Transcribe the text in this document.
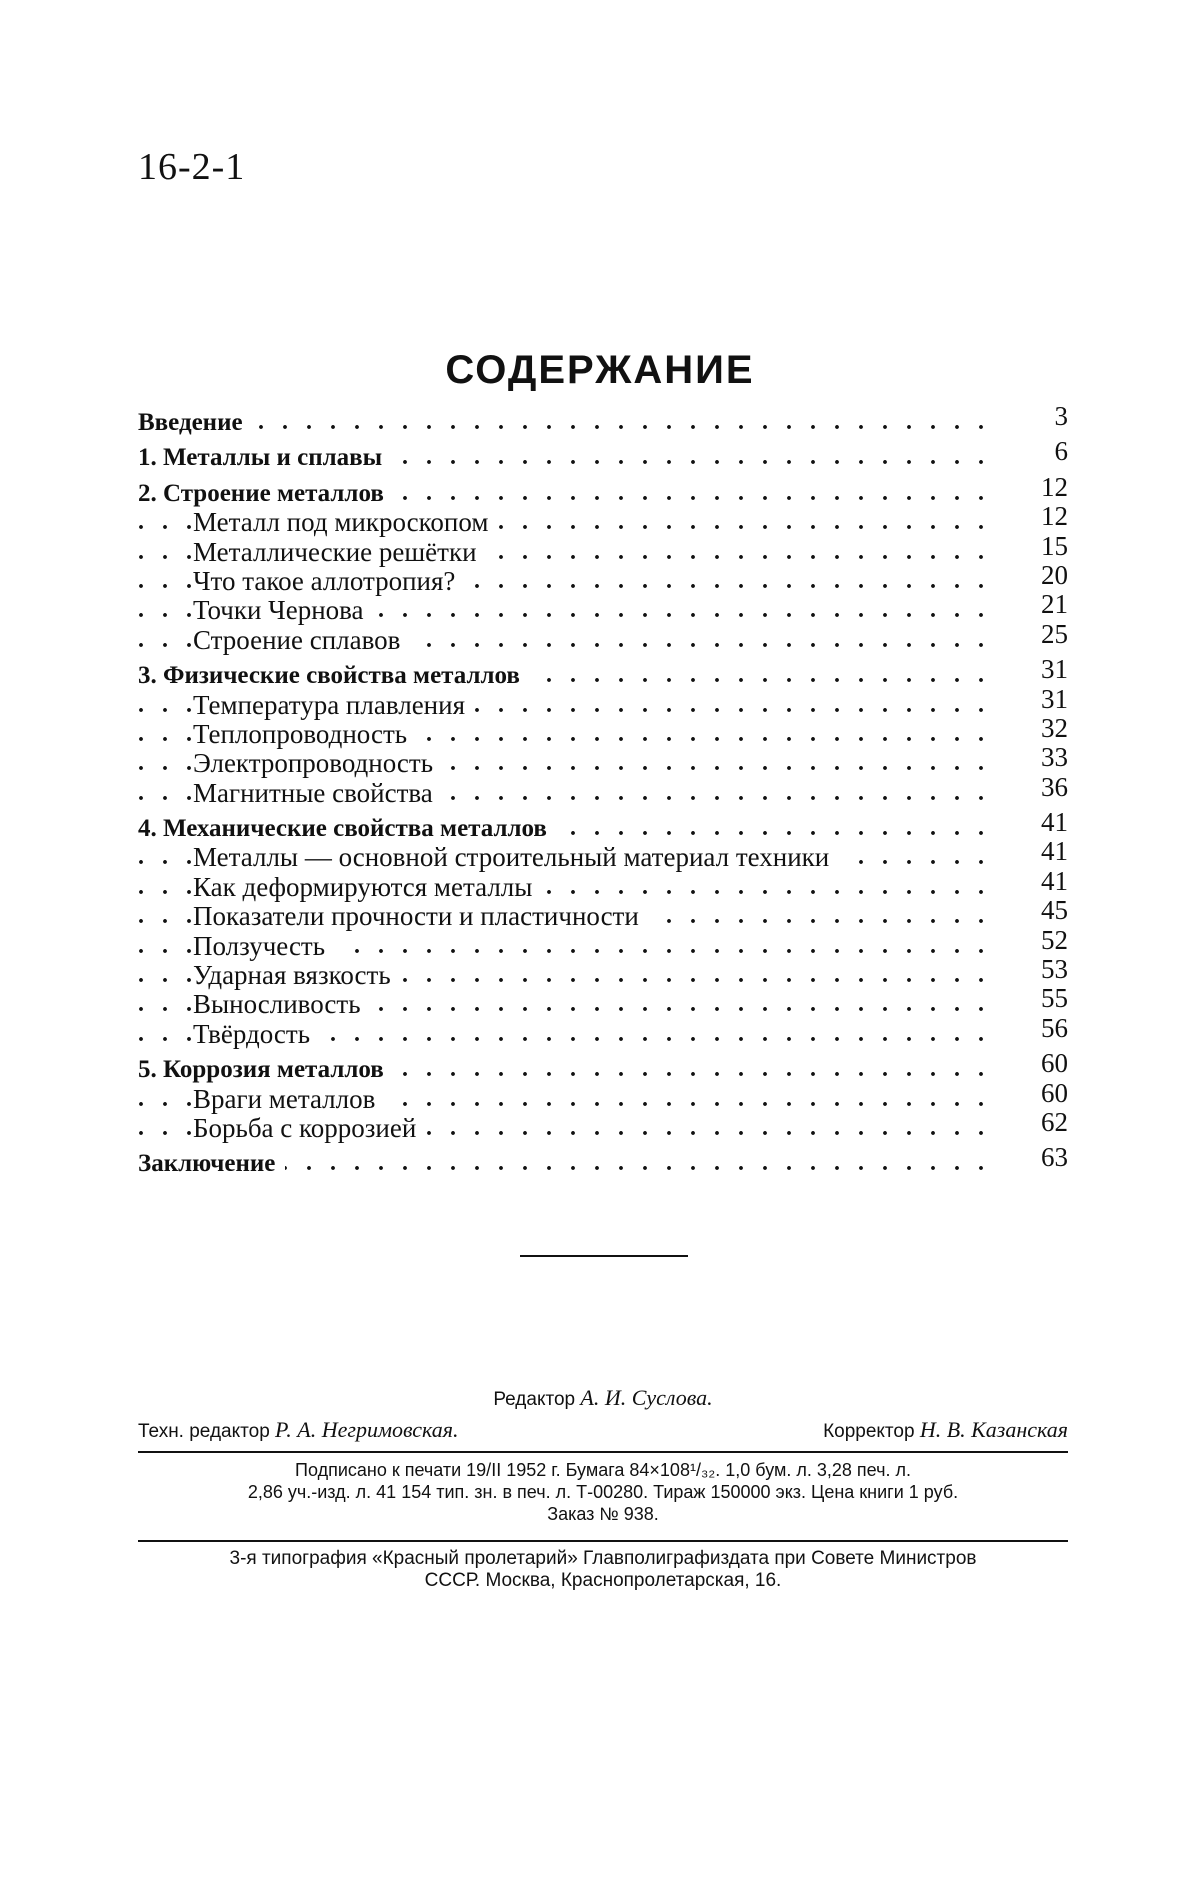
16-2-1
СОДЕРЖАНИЕ
...................................
Введение	3
.........................
1. Металлы и сплавы	6
.........................
2. Строение металлов	12
......................
Металл под микроскопом	12
...........................
Металлические решётки	15
...........................
Что такое аллотропия?	20
...................................
Точки Чернова	21
...........................
Строение сплавов	25
....................
3. Физические свойства металлов	31
...........................
Температура плавления	31
...........................
Теплопроводность	32
...........................
Электропроводность	33
...........................
Магнитные свойства	36
....................
4. Механические свойства металлов	41
Металлы — основной строительный материал техники	41
......................
Как деформируются металлы	41
Показатели прочности и пластичности	45
...................................
Ползучесть	52
...........................
Ударная вязкость	53
...................................
Выносливость	55
...................................
Твёрдость	56
.........................
5. Коррозия металлов	60
...........................
Враги металлов	60
...........................
Борьба с коррозией	62
...................................
Заключение	63
Редактор А. И. Суслова.
Техн. редактор Р. А. Негримовская.	Корректор Н. В. Казанская
Подписано к печати 19/II 1952 г. Бумага 84×108¹/₃₂. 1,0 бум. л. 3,28 печ. л.
2,86 уч.-изд. л. 41 154 тип. зн. в печ. л. Т-00280. Тираж 150000 экз. Цена книги 1 руб.
Заказ № 938.
3-я типография «Красный пролетарий» Главполиграфиздата при Совете Министров
СССР. Москва, Краснопролетарская, 16.
